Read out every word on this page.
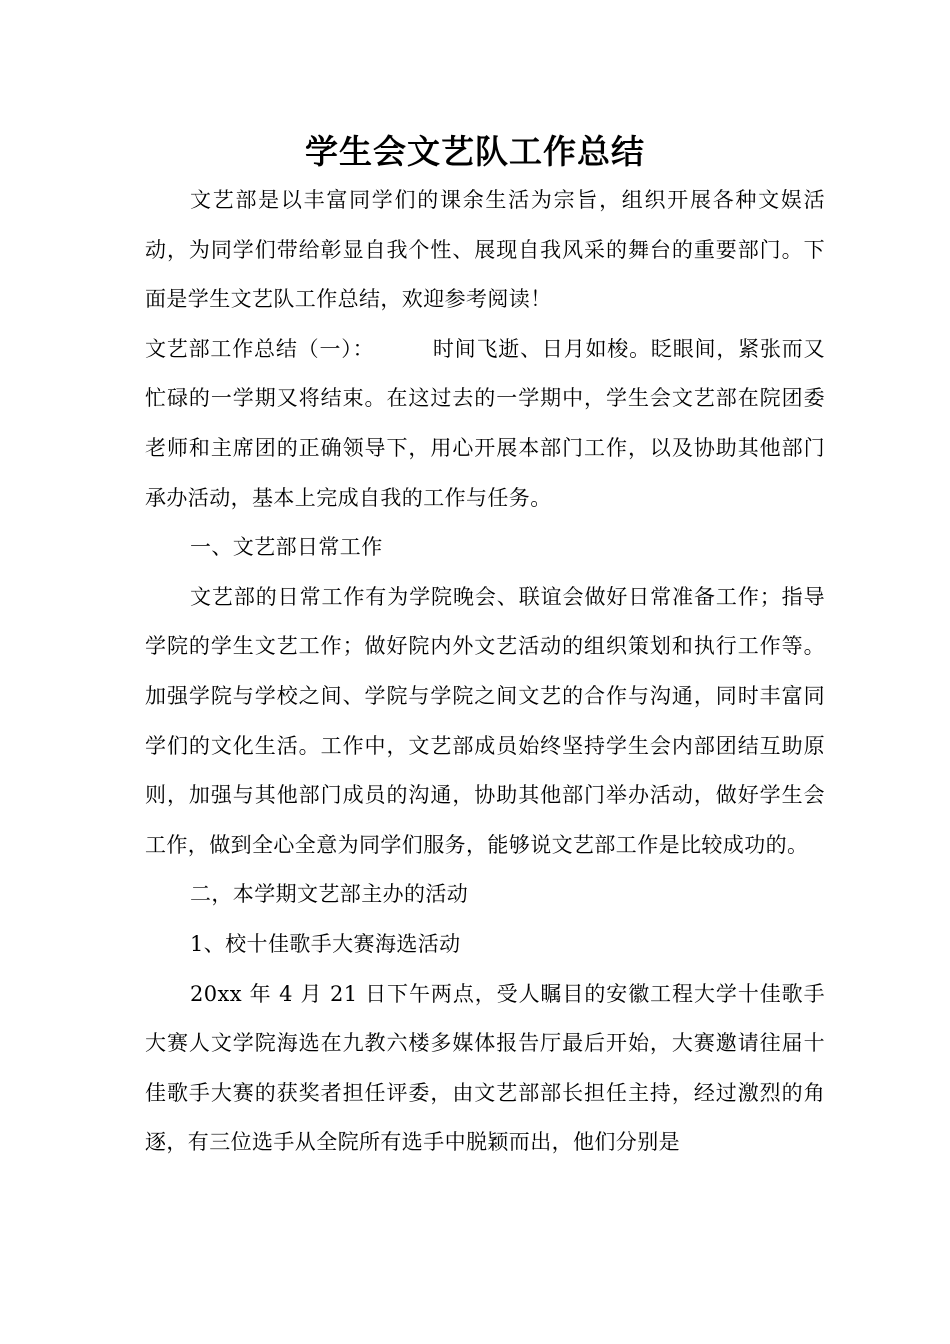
学生会文艺队工作总结

文艺部是以丰富同学们的课余生活为宗旨，组织开展各种文娱活动，为同学们带给彰显自我个性、展现自我风采的舞台的重要部门。下面是学生文艺队工作总结，欢迎参考阅读！

文艺部工作总结（一）：	时间飞逝、日月如梭。眨眼间，紧张而又忙碌的一学期又将结束。在这过去的一学期中，学生会文艺部在院团委老师和主席团的正确领导下，用心开展本部门工作，以及协助其他部门承办活动，基本上完成自我的工作与任务。

一、文艺部日常工作

文艺部的日常工作有为学院晚会、联谊会做好日常准备工作；指导学院的学生文艺工作；做好院内外文艺活动的组织策划和执行工作等。加强学院与学校之间、学院与学院之间文艺的合作与沟通，同时丰富同学们的文化生活。工作中，文艺部成员始终坚持学生会内部团结互助原则，加强与其他部门成员的沟通，协助其他部门举办活动，做好学生会工作，做到全心全意为同学们服务，能够说文艺部工作是比较成功的。

二，本学期文艺部主办的活动

1、校十佳歌手大赛海选活动

20xx 年 4 月 21 日下午两点，受人瞩目的安徽工程大学十佳歌手大赛人文学院海选在九教六楼多媒体报告厅最后开始，大赛邀请往届十佳歌手大赛的获奖者担任评委，由文艺部部长担任主持，经过激烈的角逐，有三位选手从全院所有选手中脱颖而出，他们分别是
